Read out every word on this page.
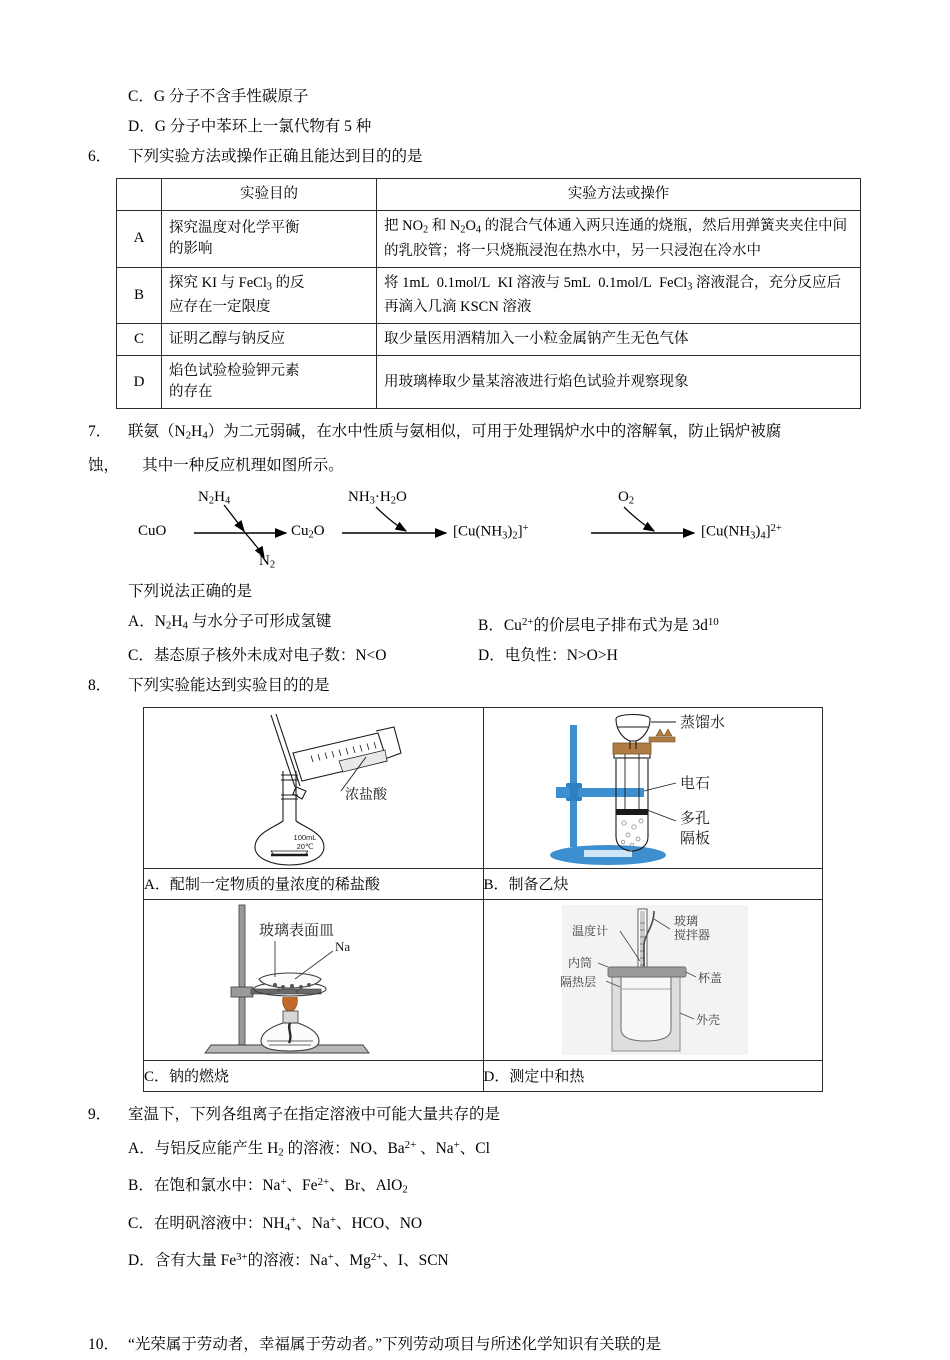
C．G 分子不含手性碳原子
D．G 分子中苯环上一氯代物有 5 种
6．	下列实验方法或操作正确且能达到目的的是
	实验目的	实验方法或操作
A	探究温度对化学平衡
的影响	把 $NO_2$ 和 $N_2O_4$ 的混合气体通入两只连通的烧瓶，然后用弹簧夹夹住中间的乳胶管；将一只烧瓶浸泡在热水中，另一只浸泡在冷水中
B	探究 KI 与 FeCl$_3$ 的反
应存在一定限度	将 1mL  0.1mol/L  KI 溶液与 5mL  0.1mol/L  FeCl$_3$ 溶液混合，充分反应后再滴入几滴 KSCN 溶液
C	证明乙醇与钠反应	取少量医用酒精加入一小粒金属钠产生无色气体
D	焰色试验检验钾元素
的存在	用玻璃棒取少量某溶液进行焰色试验并观察现象
7．	联氨$(N_2H_4)$为二元弱碱，在水中性质与氨相似，可用于处理锅炉水中的溶解氧，防止锅炉被腐
蚀，      其中一种反应机理如图所示。
CuO
$N_2H_4$
$N_2$
$Cu_2O$
$NH_3\cdot H_2O$
$[Cu(NH_3)_2]^+$
$O_2$
$[Cu(NH_3)_4]^{2+}$
下列说法正确的是
A．$N_2H_4$ 与水分子可形成氢键	B．$Cu^{2+}$的价层电子排布式为是 $3d^{10}$
C．基态原子核外未成对电子数：N<O	D．电负性：N>O>H
8．	下列实验能达到实验目的的是
100mL
20℃
浓盐酸	蒸馏水
电石
多孔
隔板

A．配制一定物质的量浓度的稀盐酸	B．制备乙炔

玻璃表面皿
Na

温度计
玻璃
搅拌器
内筒
杯盖
隔热层
外壳

C．钠的燃烧	D．测定中和热
9．	室温下，下列各组离子在指定溶液中可能大量共存的是
A．与铝反应能产生 $H_2$ 的溶液：NO、$Ba^{2+}$ 、Na+、Cl
B．在饱和氯水中：Na+、$Fe^{2+}$、Br、AlO$_2$
C．在明矾溶液中：$NH_4^+$、Na+、HCO、NO
D．含有大量 $Fe^{3+}$的溶液：Na+、$Mg^{2+}$、I、SCN
10． “光荣属于劳动者，幸福属于劳动者。”下列劳动项目与所述化学知识有关联的是
